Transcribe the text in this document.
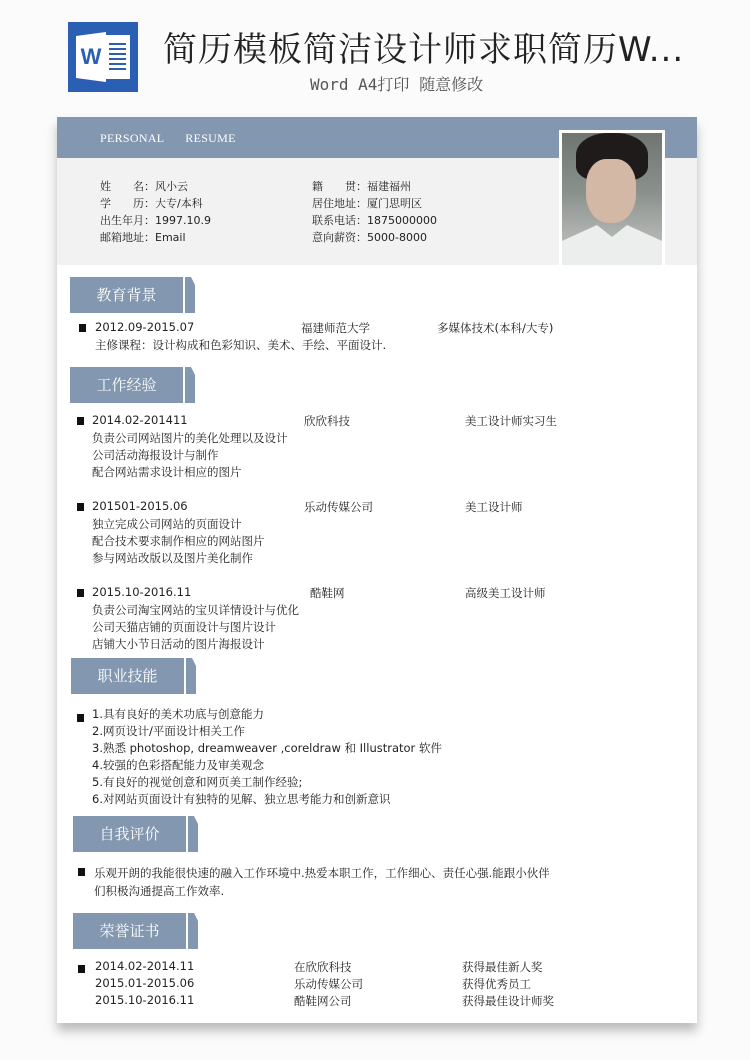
W 简历模板简洁设计师求职简历W...
Word A4打印 随意修改
PERSONAL RESUME
姓　　名：风小云
学　　历：大专/本科
出生年月：1997.10.9
邮箱地址：Email
籍　　贯：福建福州
居住地址：厦门思明区
联系电话：1875000000
意向薪资：5000-8000
教育背景
2012.09-2015.07	福建师范大学	多媒体技术(本科/大专)
主修课程：设计构成和色彩知识、美术、手绘、平面设计.
工作经验
2014.02-201411	欣欣科技	美工设计师实习生
负责公司网站图片的美化处理以及设计
公司活动海报设计与制作
配合网站需求设计相应的图片
201501-2015.06	乐动传媒公司	美工设计师
独立完成公司网站的页面设计
配合技术要求制作相应的网站图片
参与网站改版以及图片美化制作
2015.10-2016.11	酷鞋网	高级美工设计师
负责公司淘宝网站的宝贝详情设计与优化
公司天猫店铺的页面设计与图片设计
店铺大小节日活动的图片海报设计
职业技能
1.具有良好的美术功底与创意能力
2.网页设计/平面设计相关工作
3.熟悉 photoshop, dreamweaver ,coreldraw 和 Illustrator 软件
4.较强的色彩搭配能力及审美观念
5.有良好的视觉创意和网页美工制作经验;
6.对网站页面设计有独特的见解、独立思考能力和创新意识
自我评价
乐观开朗的我能很快速的融入工作环境中.热爱本职工作，工作细心、责任心强.能跟小伙伴
们积极沟通提高工作效率.
荣誉证书
2014.02-2014.11	在欣欣科技	获得最佳新人奖
2015.01-2015.06	乐动传媒公司	获得优秀员工
2015.10-2016.11	酷鞋网公司	获得最佳设计师奖
